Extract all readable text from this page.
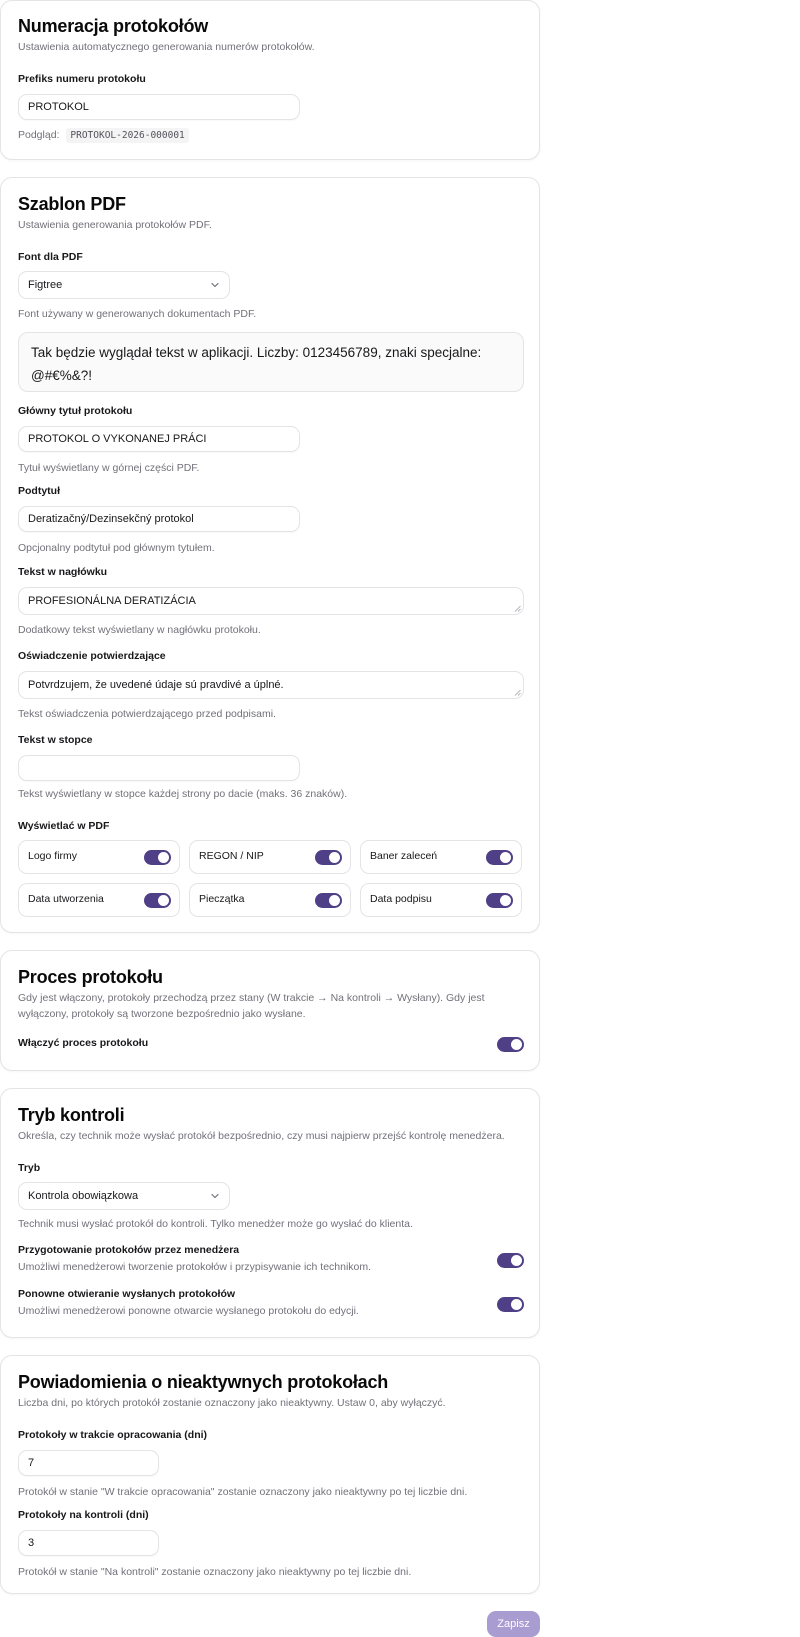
Numeracja protokołów
Ustawienia automatycznego generowania numerów protokołów.
Prefiks numeru protokołu
PROTOKOL
Podgląd: PROTOKOL-2026-000001
Szablon PDF
Ustawienia generowania protokołów PDF.
Font dla PDF
Figtree
Font używany w generowanych dokumentach PDF.
Tak będzie wyglądał tekst w aplikacji. Liczby: 0123456789, znaki specjalne: @#€%&?!
Główny tytuł protokołu
PROTOKOL O VYKONANEJ PRÁCI
Tytuł wyświetlany w górnej części PDF.
Podtytuł
Deratizačný/Dezinsekčný protokol
Opcjonalny podtytuł pod głównym tytułem.
Tekst w nagłówku
PROFESIONÁLNA DERATIZÁCIA
Dodatkowy tekst wyświetlany w nagłówku protokołu.
Oświadczenie potwierdzające
Potvrdzujem, že uvedené údaje sú pravdivé a úplné.
Tekst oświadczenia potwierdzającego przed podpisami.
Tekst w stopce
Tekst wyświetlany w stopce każdej strony po dacie (maks. 36 znaków).
Wyświetlać w PDF
Logo firmy	REGON / NIP	Baner zaleceń
Data utworzenia	Pieczątka	Data podpisu
Proces protokołu
Gdy jest włączony, protokoły przechodzą przez stany (W trakcie → Na kontroli → Wysłany). Gdy jest wyłączony, protokoły są tworzone bezpośrednio jako wysłane.
Włączyć proces protokołu
Tryb kontroli
Określa, czy technik może wysłać protokół bezpośrednio, czy musi najpierw przejść kontrolę menedżera.
Tryb
Kontrola obowiązkowa
Technik musi wysłać protokół do kontroli. Tylko menedżer może go wysłać do klienta.
Przygotowanie protokołów przez menedżera
Umożliwi menedżerowi tworzenie protokołów i przypisywanie ich technikom.
Ponowne otwieranie wysłanych protokołów
Umożliwi menedżerowi ponowne otwarcie wysłanego protokołu do edycji.
Powiadomienia o nieaktywnych protokołach
Liczba dni, po których protokół zostanie oznaczony jako nieaktywny. Ustaw 0, aby wyłączyć.
Protokoły w trakcie opracowania (dni)
7
Protokół w stanie "W trakcie opracowania" zostanie oznaczony jako nieaktywny po tej liczbie dni.
Protokoły na kontroli (dni)
3
Protokół w stanie "Na kontroli" zostanie oznaczony jako nieaktywny po tej liczbie dni.
Zapisz
